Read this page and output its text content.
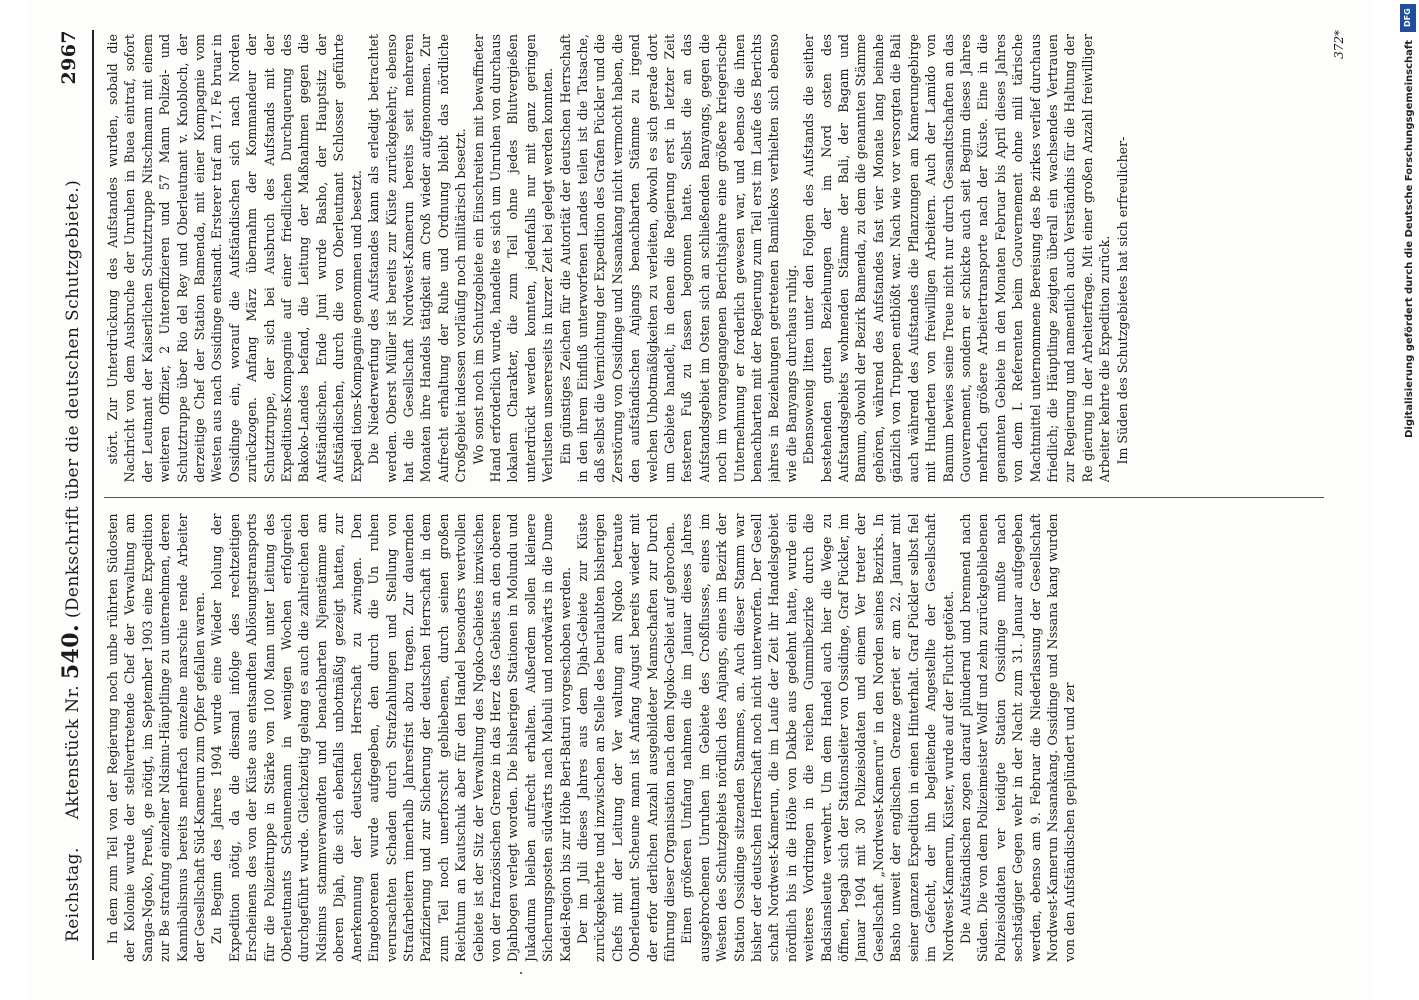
Reichstag.Aktenstück Nr. 540. (Denkschrift über die deutschen Schutzgebiete.)
2967

In dem zum Teil von der Regierung noch unbe rührten Südosten der Kolonie wurde der stellvertretende Chef der Verwaltung am Sanga-Ngoko, Preuß, ge nötigt, im September 1903 eine Expedition zur Be strafung einzelner Ndsimu-Häuptlinge zu unternehmen, deren Kannibalismus bereits mehrfach einzelne marschie rende Arbeiter der Gesellschaft Süd-Kamerun zum Opfer gefallen waren. Zu Beginn des Jahres 1904 wurde eine Wieder holung der Expedition nötig, da die diesmal infolge des rechtzeitigen Erscheinens des von der Küste aus entsandten Ablösungstransports für die Polizeitruppe in Stärke von 100 Mann unter Leitung des Oberleutnants Scheunemann in wenigen Wochen erfolgreich durchgeführt wurde. Gleichzeitig gelang es auch die zahlreichen den Ndsimus stammverwandten und benachbarten Njemstämme am oberen Djah, die sich ebenfalls unbotmäßig gezeigt hatten, zur Anerkennung der deutschen Herrschaft zu zwingen. Den Eingeborenen wurde aufgegeben, den durch die Un ruhen verursachten Schaden durch Strafzahlungen und Stellung von Strafarbeitern innerhalb Jahresfrist abzu tragen. Zur dauernden Pazifizierung und zur Sicherung der deutschen Herrschaft in dem zum Teil noch unerforscht gebliebenen, durch seinen großen Reichtum an Kautschuk aber für den Handel besonders wertvollen Gebiete ist der Sitz der Verwaltung des Ngoko-Gebietes inzwischen von der französischen Grenze in das Herz des Gebiets an den oberen Djahbogen verlegt worden. Die bisherigen Stationen in Molundu und Jukaduma bleiben aufrecht erhalten. Außerdem sollen kleinere Sicherungsposten südwärts nach Mabuli und nordwärts in die Dume Kadei-Region bis zur Höhe Beri-Baturi vorgeschoben werden. Der im Juli dieses Jahres aus dem Djah-Gebiete zur Küste zurückgekehrte und inzwischen an Stelle des beurlaubten bisherigen Chefs mit der Leitung der Ver waltung am Ngoko betraute Oberleutnant Scheune mann ist Anfang August bereits wieder mit der erfor derlichen Anzahl ausgebildeter Mannschaften zur Durch führung dieser Organisation nach dem Ngoko-Gebiet auf gebrochen. Einen größeren Umfang nahmen die im Januar dieses Jahres ausgebrochenen Unruhen im Gebiete des Croßflusses, eines im Westen des Schutzgebiets nördlich des Anjangs, eines im Bezirk der Station Ossidinge sitzenden Stammes, an. Auch dieser Stamm war bisher der deutschen Herrschaft noch nicht unterworfen. Der Gesell schaft Nordwest-Kamerun, die im Laufe der Zeit ihr Handelsgebiet nördlich bis in die Höhe von Dakbe aus gedehnt hatte, wurde ein weiteres Vordringen in die reichen Gummibezirke durch die Badsiansleute verwehrt. Um dem Handel auch hier die Wege zu öffnen, begab sich der Stationsleiter von Ossidinge, Graf Pückler, im Januar 1904 mit 30 Polizeisoldaten und einem Ver treter der Gesellschaft „Nordwest-Kamerun“ in den Norden seines Bezirks. In Basho unweit der englischen Grenze geriet er am 22. Januar mit seiner ganzen Expedition in einen Hinterhalt. Graf Pückler selbst fiel im Gefecht, der ihn begleitende Angestellte der Gesellschaft Nordwest-Kamerun, Küster, wurde auf der Flucht getötet. Die Aufständischen zogen darauf plündernd und brennend nach Süden. Die von dem Polizeimeister Wolff und zehn zurückgebliebenen Polizeisoldaten ver teidigte Station Ossidinge mußte nach sechstägiger Gegen wehr in der Nacht zum 31. Januar aufgegeben werden, ebenso am 9. Februar die Niederlassung der Gesellschaft Nordwest-Kamerun Nssanakang. Ossidinge und Nssana kang wurden von den Aufständischen geplündert und zer

stört. Zur Unterdrückung des Aufstandes wurden, sobald die Nachricht von dem Ausbruche der Unruhen in Buea eintraf, sofort der Leutnant der Kaiserlichen Schutztruppe Nitschmann mit einem weiteren Offizier, 2 Unteroffizieren und 57 Mann Polizei- und Schutztruppe über Rio del Rey und Oberleutnant v. Knobloch, der derzeitige Chef der Station Bamenda, mit einer Kompagnie vom Westen aus nach Ossidinge entsandt. Ersterer traf am 17. Fe bruar in Ossidinge ein, worauf die Aufständischen sich nach Norden zurückzogen. Anfang März übernahm der Kommandeur der Schutztruppe, der sich bei Ausbruch des Aufstands mit der Expeditions-Kompagnie auf einer friedlichen Durchquerung des Bakoko-Landes befand, die Leitung der Maßnahmen gegen die Aufständischen. Ende Juni wurde Basho, der Hauptsitz der Aufständischen, durch die von Oberleutnant Schlosser geführte Expedi tions-Kompagnie genommen und besetzt. Die Niederwerfung des Aufstandes kann als erledigt betrachtet werden. Oberst Müller ist bereits zur Küste zurückgekehrt; ebenso hat die Gesellschaft Nordwest-Kamerun bereits seit mehreren Monaten ihre Handels tätigkeit am Croß wieder aufgenommen. Zur Aufrecht erhaltung der Ruhe und Ordnung bleibt das nördliche Croßgebiet indessen vorläufig noch militärisch besetzt. Wo sonst noch im Schutzgebiete ein Einschreiten mit bewaffneter Hand erforderlich wurde, handelte es sich um Unruhen von durchaus lokalem Charakter, die zum Teil ohne jedes Blutvergießen unterdrückt werden konnten, jedenfalls nur mit ganz geringen Verlusten unsererseits in kurzer Zeit bei gelegt werden konnten. Ein günstiges Zeichen für die Autorität der deutschen Herrschaft in den ihrem Einfluß unterworfenen Landes teilen ist die Tatsache, daß selbst die Vernichtung der Expedition des Grafen Pückler und die Zerstörung von Ossidinge und Nssanakang nicht vermocht haben, die den aufständischen Anjangs benachbarten Stämme zu irgend welchen Unbotmäßigkeiten zu verleiten, obwohl es sich gerade dort um Gebiete handelt, in denen die Regierung erst in letzter Zeit festeren Fuß zu fassen begonnen hatte. Selbst die an das Aufstandsgebiet im Osten sich an schließenden Banyangs, gegen die noch im vorangegangenen Berichtsjahre eine größere kriegerische Unternehmung er forderlich gewesen war, und ebenso die ihnen benachbarten mit der Regierung zum Teil erst im Laufe des Berichts jahres in Beziehungen getretenen Bamilekos verhielten sich ebenso wie die Banyangs durchaus ruhig. Ebensowenig litten unter den Folgen des Aufstands die seither bestehenden guten Beziehungen der im Nord osten des Aufstandsgebiets wohnenden Stämme der Bali, der Bagam und Bamum, obwohl der Bezirk Bamenda, zu dem die genannten Stämme gehören, während des Aufstandes fast vier Monate lang beinahe gänzlich von Truppen entblößt war. Nach wie vor versorgten die Bali auch während des Aufstandes die Pflanzungen am Kamerungebirge mit Hunderten von freiwilligen Arbeitern. Auch der Lamido von Bamum bewies seine Treue nicht nur durch Gesandtschaften an das Gouvernement, sondern er schickte auch seit Beginn dieses Jahres mehrfach größere Arbeitertransporte nach der Küste. Eine in die genannten Gebiete in den Monaten Februar bis April dieses Jahres von dem I. Referenten beim Gouvernement ohne mili tärische Machtmittel unternommene Bereisung des Be zirkes verlief durchaus friedlich; die Häuptlinge zeigten überall ein wachsendes Vertrauen zur Regierung und namentlich auch Verständnis für die Haltung der Re gierung in der Arbeiterfrage. Mit einer großen Anzahl freiwilliger Arbeiter kehrte die Expedition zurück. Im Süden des Schutzgebietes hat sich erfreulicher-

372*
DFG
Digitalisierung gefördert durch die Deutsche Forschungsgemeinschaft
